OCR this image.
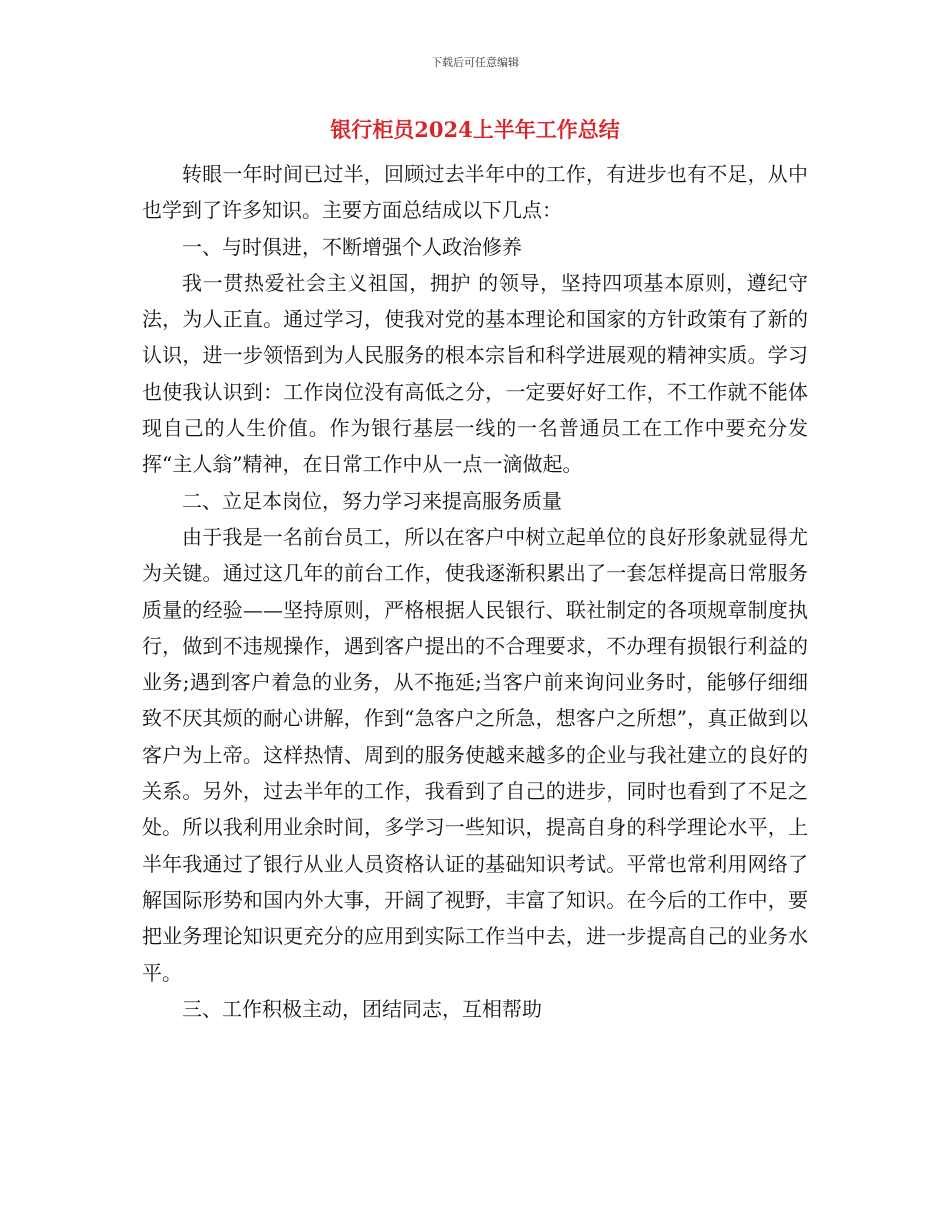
下载后可任意编辑
银行柜员2024上半年工作总结

转眼一年时间已过半，回顾过去半年中的工作，有进步也有不足，从中也学到了许多知识。主要方面总结成以下几点：

一、与时俱进，不断增强个人政治修养

我一贯热爱社会主义祖国，拥护 的领导，坚持四项基本原则，遵纪守法，为人正直。通过学习，使我对党的基本理论和国家的方针政策有了新的认识，进一步领悟到为人民服务的根本宗旨和科学进展观的精神实质。学习也使我认识到：工作岗位没有高低之分，一定要好好工作，不工作就不能体现自己的人生价值。作为银行基层一线的一名普通员工在工作中要充分发挥“主人翁”精神，在日常工作中从一点一滴做起。

二、立足本岗位，努力学习来提高服务质量

由于我是一名前台员工，所以在客户中树立起单位的良好形象就显得尤为关键。通过这几年的前台工作，使我逐渐积累出了一套怎样提高日常服务质量的经验——坚持原则，严格根据人民银行、联社制定的各项规章制度执行，做到不违规操作，遇到客户提出的不合理要求，不办理有损银行利益的业务;遇到客户着急的业务，从不拖延;当客户前来询问业务时，能够仔细细致不厌其烦的耐心讲解，作到“急客户之所急，想客户之所想”，真正做到以客户为上帝。这样热情、周到的服务使越来越多的企业与我社建立的良好的关系。另外，过去半年的工作，我看到了自己的进步，同时也看到了不足之处。所以我利用业余时间，多学习一些知识，提高自身的科学理论水平，上半年我通过了银行从业人员资格认证的基础知识考试。平常也常利用网络了解国际形势和国内外大事，开阔了视野，丰富了知识。在今后的工作中，要把业务理论知识更充分的应用到实际工作当中去，进一步提高自己的业务水平。

三、工作积极主动，团结同志，互相帮助
